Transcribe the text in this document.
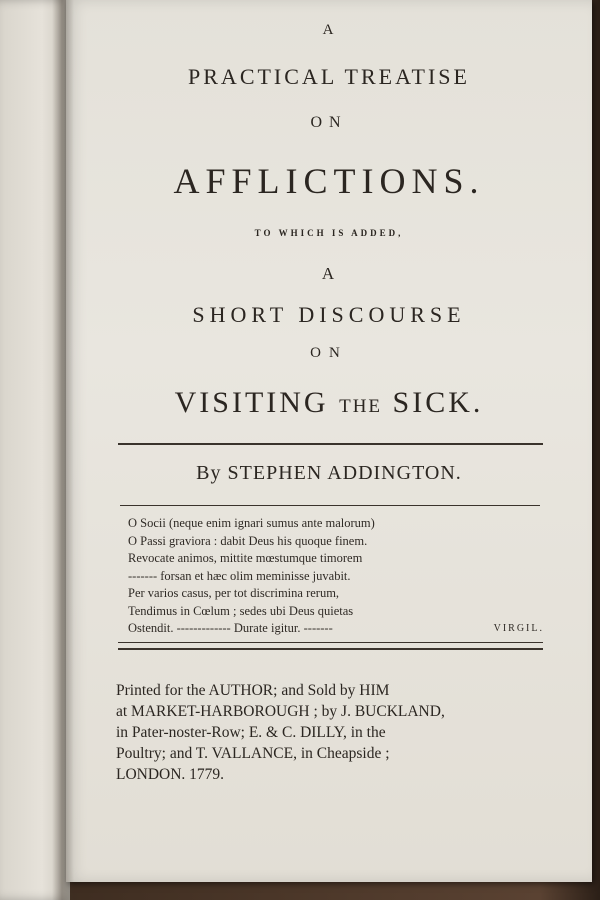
A
PRACTICAL TREATISE
ON
AFFLICTIONS.
TO WHICH IS ADDED,
A
SHORT DISCOURSE
ON
VISITING THE SICK.
By STEPHEN ADDINGTON.
O Socii (neque enim ignari sumus ante malorum)
O Passi graviora : dabit Deus his quoque finem.
Revocate animos, mittite mœstumque timorem
------- forsan et hæc olim meminisse juvabit.
Per varios casus, per tot discrimina rerum,
Tendimus in Cœlum ; sedes ubi Deus quietas
Ostendit. ------------- Durate igitur. -------	VIRGIL.
Printed for the AUTHOR; and Sold by HIM
at MARKET-HARBOROUGH ; by J. BUCKLAND,
in Pater-noster-Row; E. & C. DILLY, in the
Poultry; and T. VALLANCE, in Cheapside ;
LONDON. 1779.
